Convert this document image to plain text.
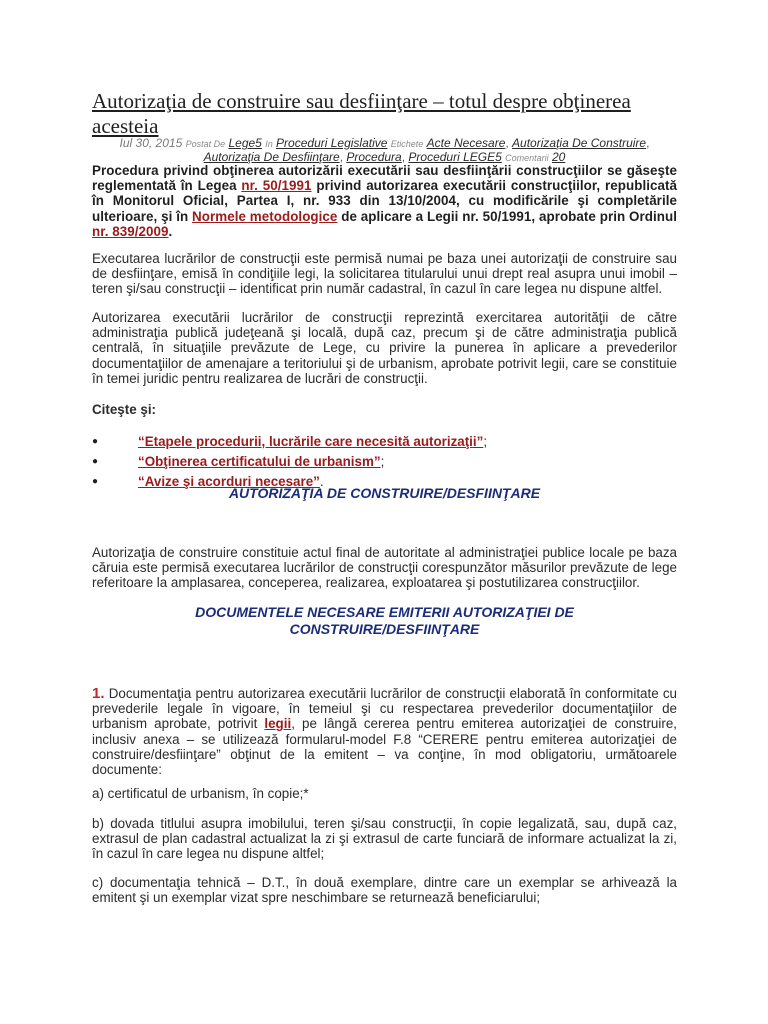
Autorizaţia de construire sau desfiinţare – totul despre obţinerea acesteia
Iul 30, 2015 Postat De Lege5 In Proceduri Legislative Etichete Acte Necesare, Autorizaţia De Construire, Autorizaţia De Desfiinţare, Procedura, Proceduri LEGE5 Comentarii 20

Procedura privind obţinerea autorizării executării sau desfiinţării construcţiilor se găseşte reglementată în Legea nr. 50/1991 privind autorizarea executării construcţiilor, republicată în Monitorul Oficial, Partea I, nr. 933 din 13/10/2004, cu modificările şi completările ulterioare, şi în Normele metodologice de aplicare a Legii nr. 50/1991, aprobate prin Ordinul nr. 839/2009.

Executarea lucrărilor de construcţii este permisă numai pe baza unei autorizaţii de construire sau de desfiinţare, emisă în condiţiile legi, la solicitarea titularului unui drept real asupra unui imobil – teren şi/sau construcţii – identificat prin număr cadastral, în cazul în care legea nu dispune altfel.

Autorizarea executării lucrărilor de construcţii reprezintă exercitarea autorităţii de către administraţia publică judeţeană şi locală, după caz, precum şi de către administraţia publică centrală, în situaţiile prevăzute de Lege, cu privire la punerea în aplicare a prevederilor documentaţiilor de amenajare a teritoriului şi de urbanism, aprobate potrivit legii, care se constituie în temei juridic pentru realizarea de lucrări de construcţii.

Citeşte şi:
●	“Etapele procedurii, lucrările care necesită autorizaţii”;
●	“Obţinerea certificatului de urbanism”;
●	“Avize şi acorduri necesare”.
AUTORIZAŢIA DE CONSTRUIRE/DESFIINŢARE

Autorizaţia de construire constituie actul final de autoritate al administraţiei publice locale pe baza căruia este permisă executarea lucrărilor de construcţii corespunzător măsurilor prevăzute de lege referitoare la amplasarea, conceperea, realizarea, exploatarea şi postutilizarea construcţiilor.

DOCUMENTELE NECESARE EMITERII AUTORIZAŢIEI DE
CONSTRUIRE/DESFIINŢARE

1. Documentaţia pentru autorizarea executării lucrărilor de construcţii elaborată în conformitate cu prevederile legale în vigoare, în temeiul şi cu respectarea prevederilor documentaţiilor de urbanism aprobate, potrivit legii, pe lângă cererea pentru emiterea autorizaţiei de construire, inclusiv anexa – se utilizează formularul-model F.8 “CERERE pentru emiterea autorizaţiei de construire/desfiinţare” obţinut de la emitent – va conţine, în mod obligatoriu, următoarele documente:

a) certificatul de urbanism, în copie;*

b) dovada titlului asupra imobilului, teren şi/sau construcţii, în copie legalizată, sau, după caz, extrasul de plan cadastral actualizat la zi şi extrasul de carte funciară de informare actualizat la zi, în cazul în care legea nu dispune altfel;

c) documentaţia tehnică – D.T., în două exemplare, dintre care un exemplar se arhivează la emitent şi un exemplar vizat spre neschimbare se returnează beneficiarului;
